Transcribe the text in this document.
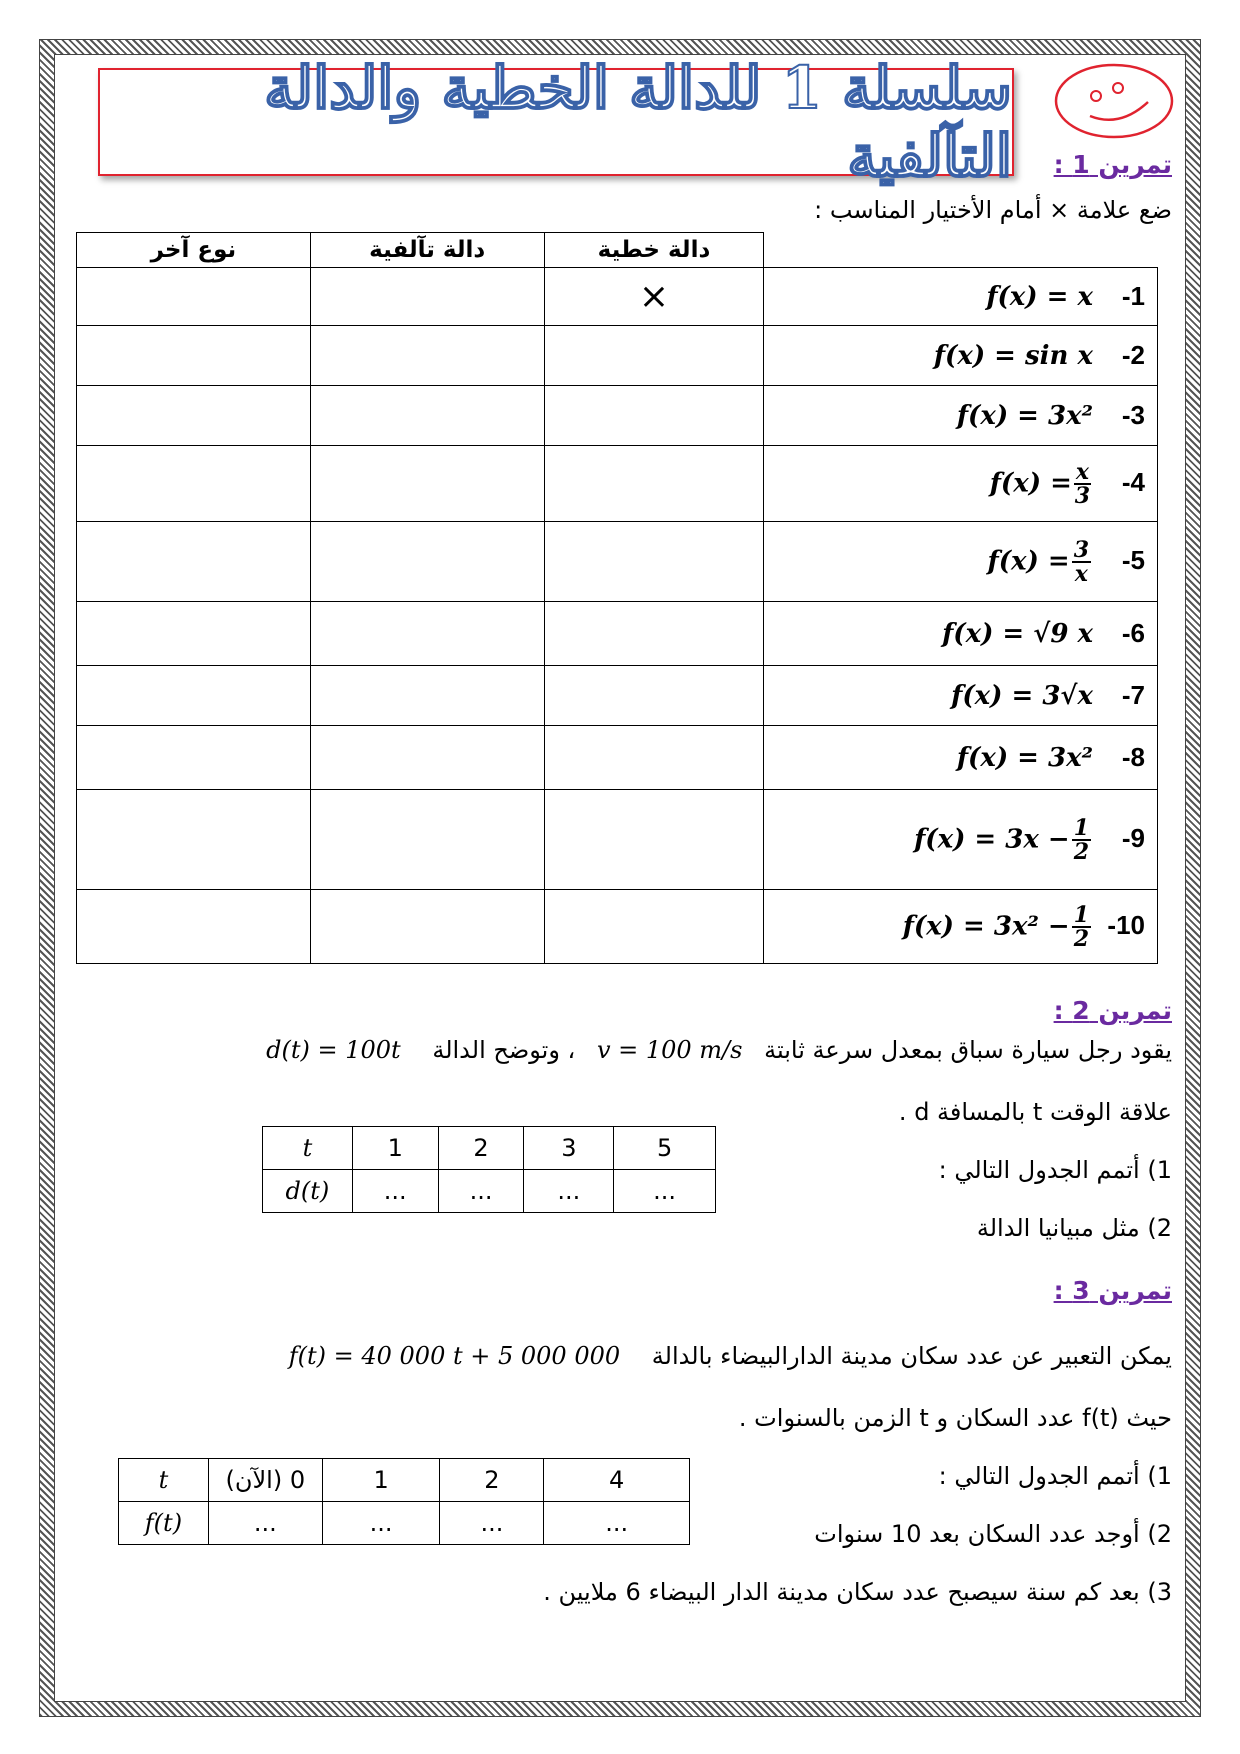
سلسلة 1 للدالة الخطية والدالة التآلفية تمرين 1 :
ضع علامة × أمام الأختيار المناسب :
نوع آخر	دالة تآلفية	دالة خطية	
		×	f(x) = x -1
			f(x) = sin x -2
			f(x) = 3x² -3
			$f(x) = \frac{x}{3} -4$
			$f(x) = \frac{3}{x} -5$
			f(x) = √9 x -6
			f(x) = 3√x -7
			f(x) = 3x² -8
			$f(x) = 3x - \frac{1}{2} -9$
			$f(x) = 3x^2 - \frac{1}{2} -10$
تمرين 2 :
يقود رجل سيارة سباق بمعدل سرعة ثابتة v = 100 m/s ، وتوضح الدالة d(t) = 100t
علاقة الوقت t بالمسافة d .
1) أتمم الجدول التالي :
2) مثل مبيانيا الدالة
t	1	2	3	5
d(t)	...	...	...	...
تمرين 3 :
يمكن التعبير عن عدد سكان مدينة الدارالبيضاء بالدالة f(t) = 40 000 t + 5 000 000
حيث f(t) عدد السكان و t الزمن بالسنوات .
1) أتمم الجدول التالي :
2) أوجد عدد السكان بعد 10 سنوات
3) بعد كم سنة سيصبح عدد سكان مدينة الدار البيضاء 6 ملايين .
t	0 (الآن)	1	2	4
f(t)	...	...	...	...
